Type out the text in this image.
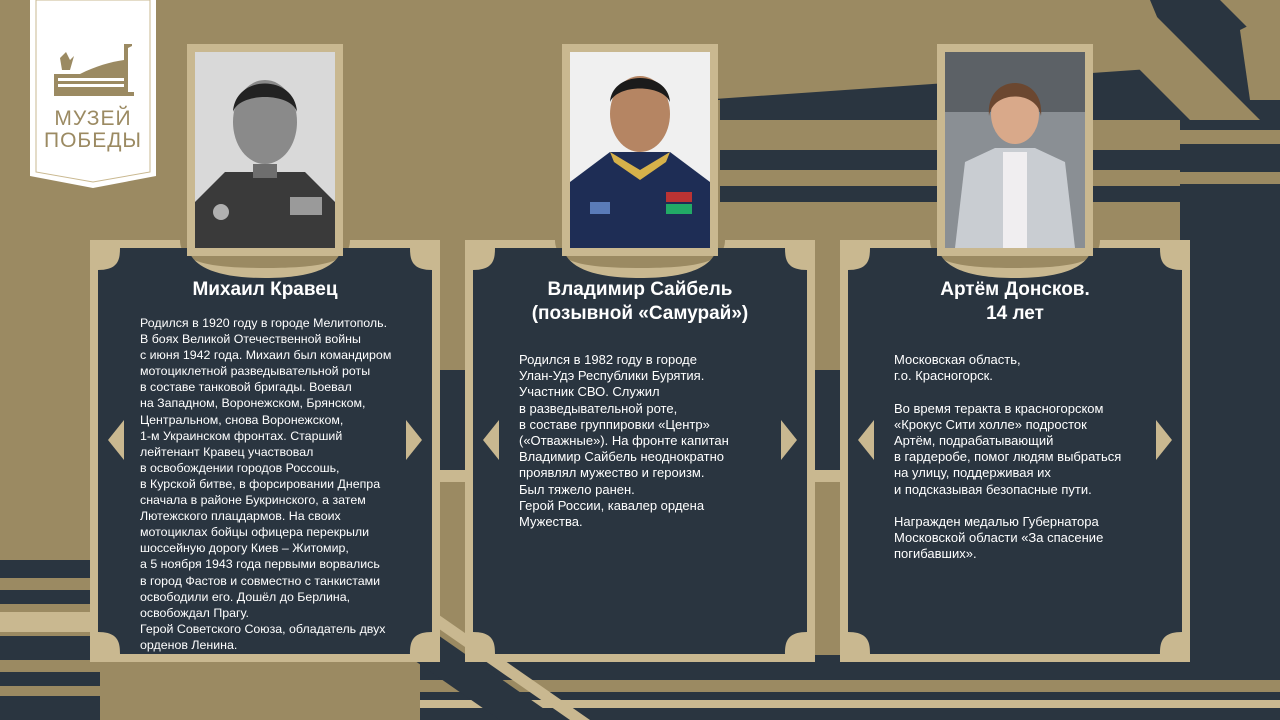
МУЗЕЙ
ПОБЕДЫ
Михаил Кравец
Родился в 1920 году в городе Мелитополь.
В боях Великой Отечественной войны
с июня 1942 года. Михаил был командиром
мотоциклетной разведывательной роты
в составе танковой бригады. Воевал
на Западном, Воронежском, Брянском,
Центральном, снова Воронежском,
1-м Украинском фронтах. Старший
лейтенант Кравец участвовал
в освобождении городов Россошь,
в Курской битве, в форсировании Днепра
сначала в районе Букринского, а затем
Лютежского плацдармов. На своих
мотоциклах бойцы офицера перекрыли
шоссейную дорогу Киев – Житомир,
а 5 ноября 1943 года первыми ворвались
в город Фастов и совместно с танкистами
освободили его. Дошёл до Берлина,
освобождал Прагу.
Герой Советского Союза, обладатель двух
орденов Ленина.
Владимир Сайбель
(позывной «Самурай»)
Родился в 1982 году в городе
Улан-Удэ Республики Бурятия.
Участник СВО. Служил
в разведывательной роте,
в составе группировки «Центр»
(«Отважные»). На фронте капитан
Владимир Сайбель неоднократно
проявлял мужество и героизм.
Был тяжело ранен.
Герой России, кавалер ордена
Мужества.
Артём Донсков.
14 лет
Московская область,
г.о. Красногорск.

Во время теракта в красногорском
«Крокус Сити холле» подросток
Артём, подрабатывающий
в гардеробе, помог людям выбраться
на улицу, поддерживая их
и подсказывая безопасные пути.

Награжден медалью Губернатора
Московской области «За спасение
погибавших».
